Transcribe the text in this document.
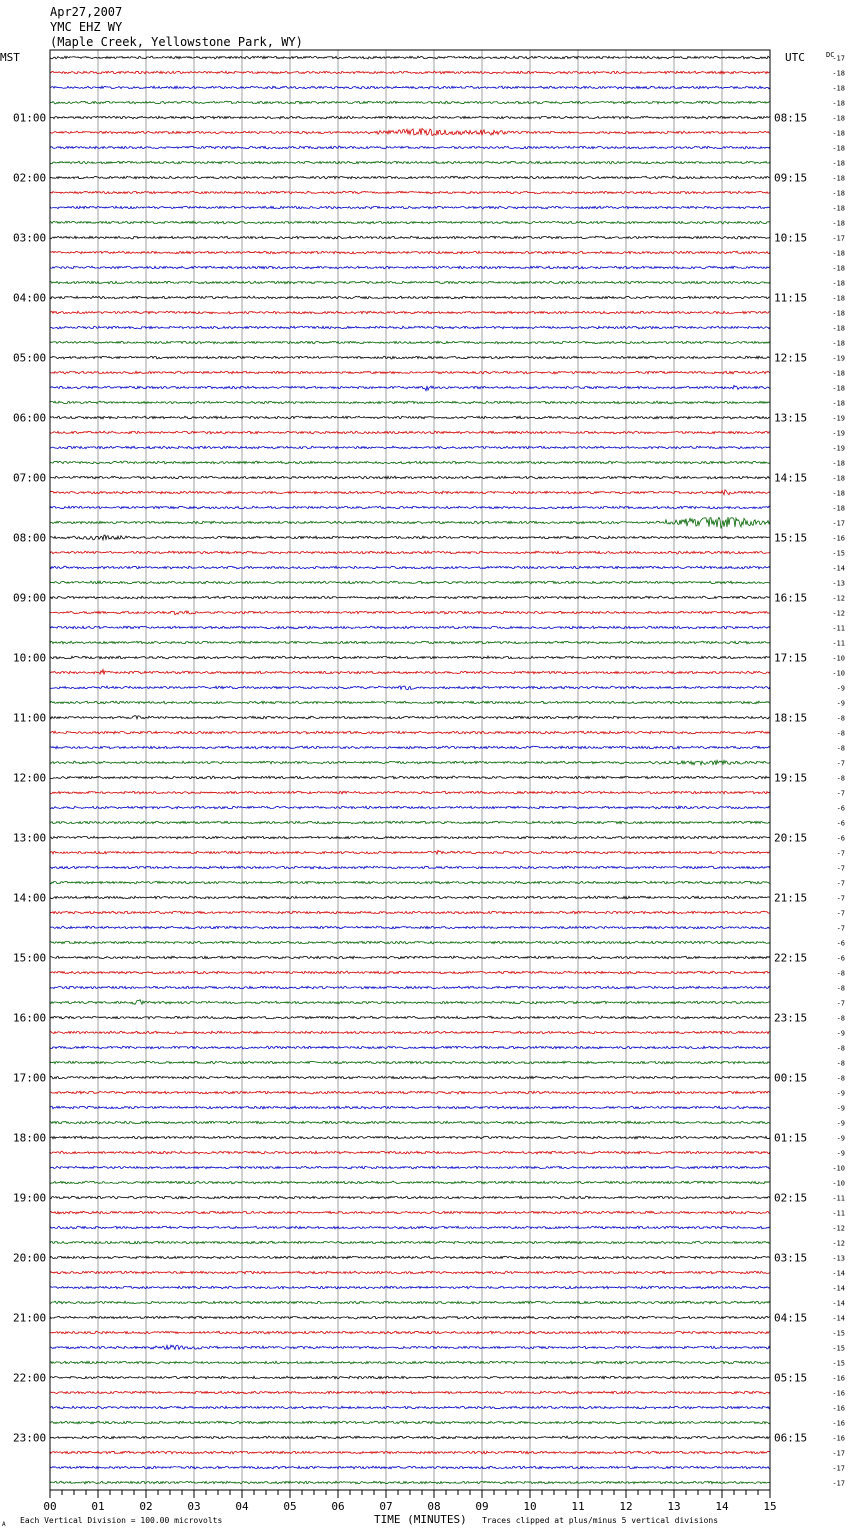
Apr27,2007
YMC EHZ WY
(Maple Creek, Yellowstone Park, WY)
MST	UTC	DC
01:00
02:00
03:00
04:00
05:00
06:00
07:00
08:00
09:00
10:00
11:00
12:00
13:00
14:00
15:00
16:00
17:00
18:00
19:00
20:00
21:00
22:00
23:00
08:15
09:15
10:15
11:15
12:15
13:15
14:15
15:15
16:15
17:15
18:15
19:15
20:15
21:15
22:15
23:15
00:15
01:15
02:15
03:15
04:15
05:15
06:15
-17
-18
-18
-18
-18
-18
-18
-18
-18
-18
-18
-18
-17
-18
-18
-18
-18
-18
-18
-18
-19
-18
-18
-18
-19
-19
-19
-18
-18
-18
-18
-17
-16
-15
-14
-13
-12
-12
-11
-11
-10
-10
-9
-9
-8
-8
-8
-7
-8
-7
-6
-6
-6
-7
-7
-7
-7
-7
-7
-6
-6
-8
-8
-7
-8
-9
-8
-8
-8
-9
-9
-9
-9
-9
-10
-10
-11
-11
-12
-12
-13
-14
-14
-14
-14
-15
-15
-15
-16
-16
-16
-16
-16
-17
-17
-17
00	01	02	03	04	05	06	07	08	09	10	11	12	13	14	15
TIME (MINUTES)
A Each Vertical Division = 100.00 microvolts	Traces clipped at plus/minus 5 vertical divisions
